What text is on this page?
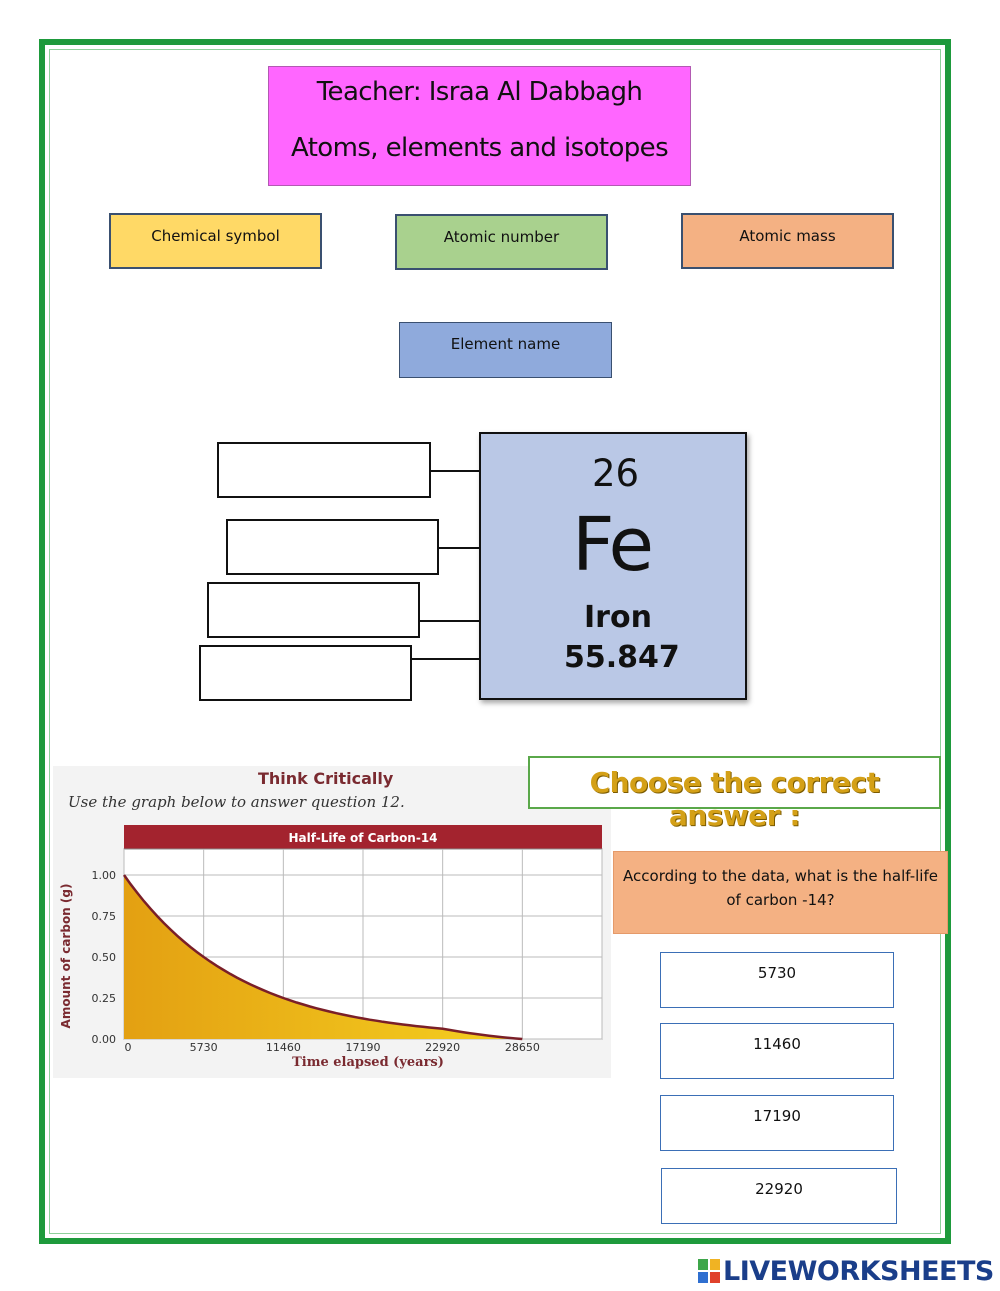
Teacher: Israa Al Dabbagh
Atoms, elements and isotopes
Chemical symbol	Atomic number	Atomic mass
Element name
26
Fe
Iron
55.847
Think Critically
Use the graph below to answer question 12.
Half-Life of Carbon-14
0.00
0.25
0.50
0.75
1.00
0	5730	11460	17190	22920	28650
Time elapsed (years)
Amount of carbon (g)
Choose the correct answer :
According to the data, what is the half-life of carbon -14?
5730
11460
17190
22920
LIVEWORKSHEETS
